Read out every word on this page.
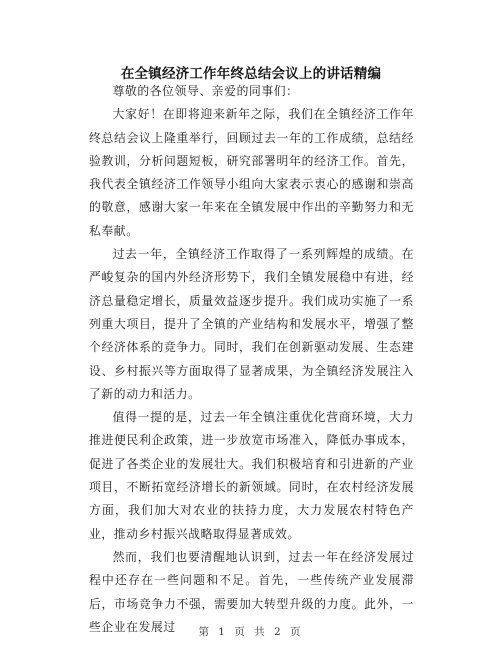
在全镇经济工作年终总结会议上的讲话精编

尊敬的各位领导、亲爱的同事们：

大家好！在即将迎来新年之际，我们在全镇经济工作年终总结会议上隆重举行，回顾过去一年的工作成绩，总结经验教训，分析问题短板，研究部署明年的经济工作。首先，我代表全镇经济工作领导小组向大家表示衷心的感谢和崇高的敬意，感谢大家一年来在全镇发展中作出的辛勤努力和无私奉献。

过去一年，全镇经济工作取得了一系列辉煌的成绩。在严峻复杂的国内外经济形势下，我们全镇发展稳中有进，经济总量稳定增长，质量效益逐步提升。我们成功实施了一系列重大项目，提升了全镇的产业结构和发展水平，增强了整个经济体系的竞争力。同时，我们在创新驱动发展、生态建设、乡村振兴等方面取得了显著成果，为全镇经济发展注入了新的动力和活力。

值得一提的是，过去一年全镇注重优化营商环境，大力推进便民利企政策，进一步放宽市场准入，降低办事成本，促进了各类企业的发展壮大。我们积极培育和引进新的产业项目，不断拓宽经济增长的新领域。同时，在农村经济发展方面，我们加大对农业的扶持力度，大力发展农村特色产业，推动乡村振兴战略取得显著成效。

然而，我们也要清醒地认识到，过去一年在经济发展过程中还存在一些问题和不足。首先，一些传统产业发展滞后，市场竞争力不强，需要加大转型升级的力度。此外，一些企业在发展过	第 1 页 共 2 页
